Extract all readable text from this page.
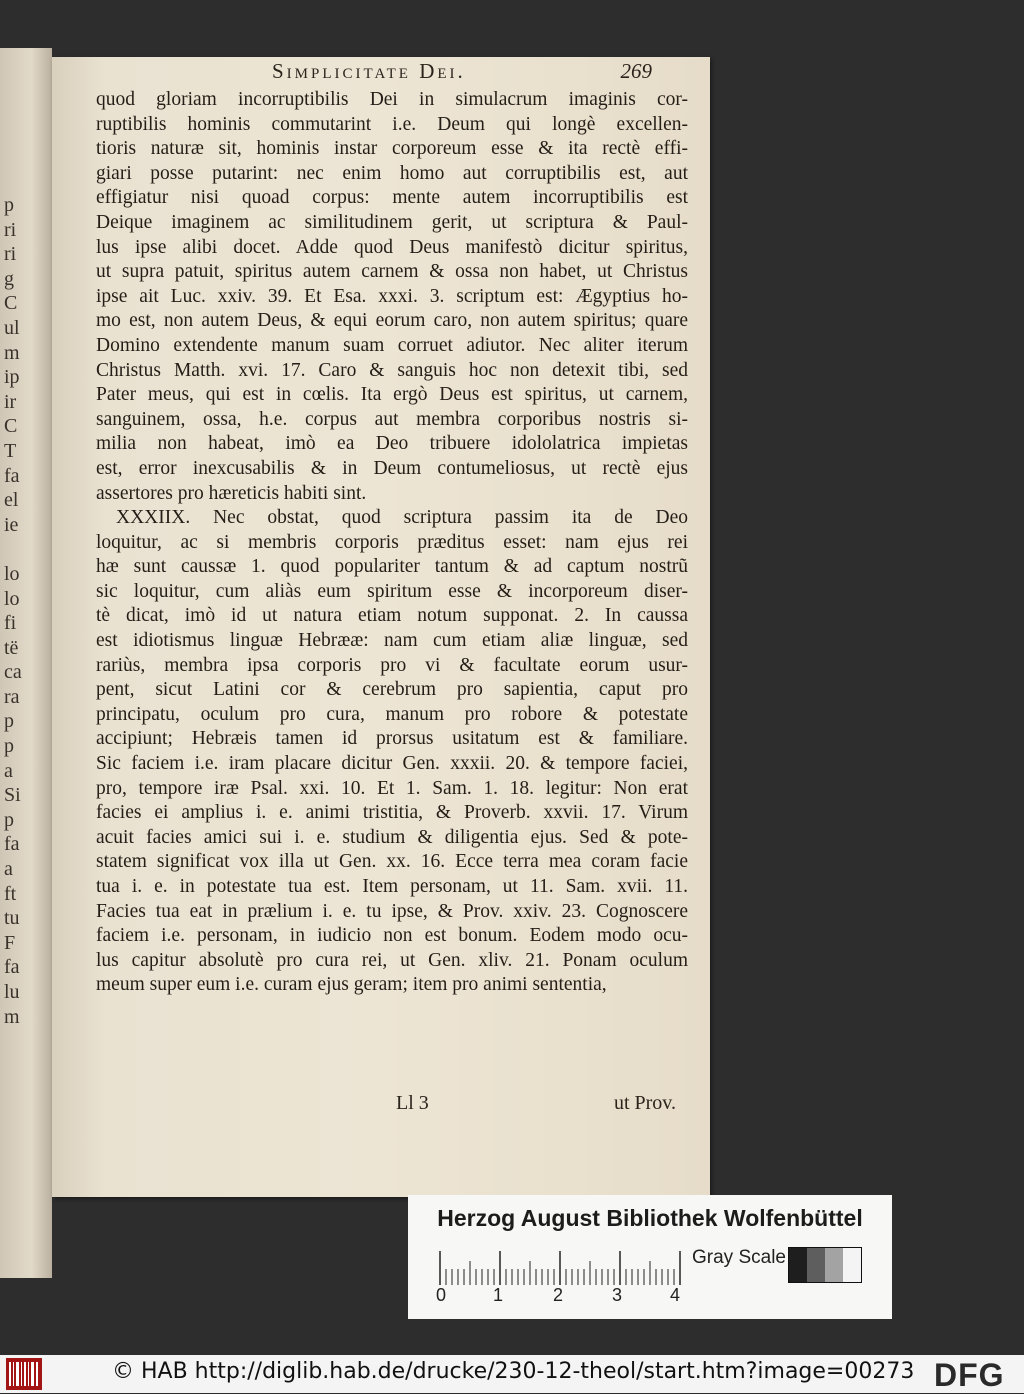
p
ri
ri
g
C
ul
m
ip
ir
C
T
fa
el
ie
lo
lo
fi
të
ca
ra
p
p
a
Si
p
fa
a
ft
tu
F
fa
lu
m
Simplicitate Dei.	269
quod gloriam incorruptibilis Dei in simulacrum imaginis cor-
ruptibilis hominis commutarint i.e. Deum qui longè excellen-
tioris naturæ sit, hominis instar corporeum esse & ita rectè effi-
giari posse putarint: nec enim homo aut corruptibilis est, aut
effigiatur nisi quoad corpus: mente autem incorruptibilis est
Deique imaginem ac similitudinem gerit, ut scriptura & Paul-
lus ipse alibi docet. Adde quod Deus manifestò dicitur spiritus,
ut supra patuit, spiritus autem carnem & ossa non habet, ut Christus
ipse ait Luc. xxiv. 39. Et Esa. xxxi. 3. scriptum est: Ægyptius ho-
mo est, non autem Deus, & equi eorum caro, non autem spiritus; quare
Domino extendente manum suam corruet adiutor. Nec aliter iterum
Christus Matth. xvi. 17. Caro & sanguis hoc non detexit tibi, sed
Pater meus, qui est in cœlis. Ita ergò Deus est spiritus, ut carnem,
sanguinem, ossa, h.e. corpus aut membra corporibus nostris si-
milia non habeat, imò ea Deo tribuere idololatrica impietas
est, error inexcusabilis & in Deum contumeliosus, ut rectè ejus
assertores pro hæreticis habiti sint.
XXXIIX. Nec obstat, quod scriptura passim ita de Deo
loquitur, ac si membris corporis præditus esset: nam ejus rei
hæ sunt caussæ 1. quod populariter tantum & ad captum nostrũ
sic loquitur, cum aliàs eum spiritum esse & incorporeum diser-
tè dicat, imò id ut natura etiam notum supponat. 2. In caussa
est idiotismus linguæ Hebrææ: nam cum etiam aliæ linguæ, sed
rariùs, membra ipsa corporis pro vi & facultate eorum usur-
pent, sicut Latini cor & cerebrum pro sapientia, caput pro
principatu, oculum pro cura, manum pro robore & potestate
accipiunt; Hebræis tamen id prorsus usitatum est & familiare.
Sic faciem i.e. iram placare dicitur Gen. xxxii. 20. & tempore faciei,
pro, tempore iræ Psal. xxi. 10. Et 1. Sam. 1. 18. legitur: Non erat
facies ei amplius i. e. animi tristitia, & Proverb. xxvii. 17. Virum
acuit facies amici sui i. e. studium & diligentia ejus. Sed & pote-
statem significat vox illa ut Gen. xx. 16. Ecce terra mea coram facie
tua i. e. in potestate tua est. Item personam, ut 11. Sam. xvii. 11.
Facies tua eat in prælium i. e. tu ipse, & Prov. xxiv. 23. Cognoscere
faciem i.e. personam, in iudicio non est bonum. Eodem modo ocu-
lus capitur absolutè pro cura rei, ut Gen. xliv. 21. Ponam oculum
meum super eum i.e. curam ejus geram; item pro animi sententia,
Ll 3	ut Prov.
Herzog August Bibliothek Wolfenbüttel
0	1	2	3	4
Gray Scale
© HAB http://diglib.hab.de/drucke/230-12-theol/start.htm?image=00273 DFG
